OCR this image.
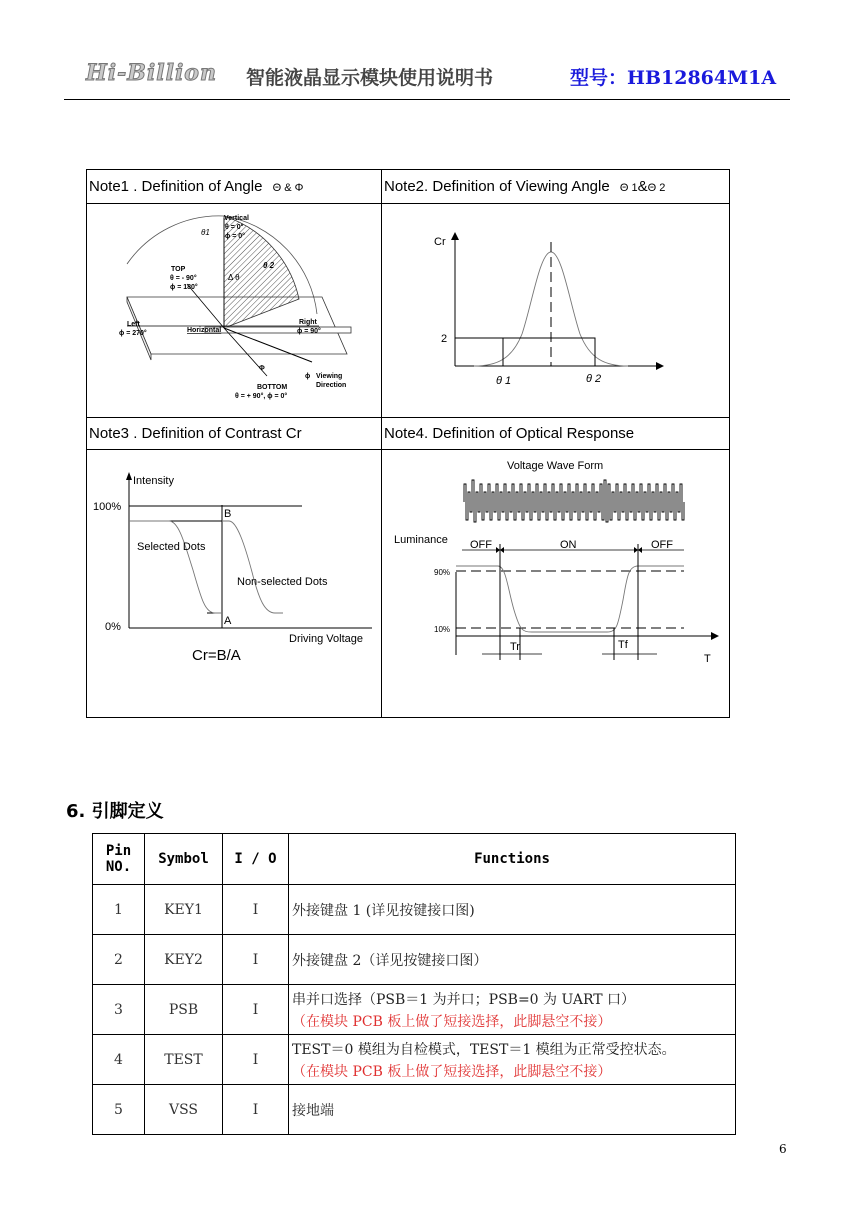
Hi-Billion 智能液晶显示模块使用说明书	型号：HB12864M1A
Note1 . Definition of Angle Θ & Φ	Note2. Definition of Viewing Angle Θ 1&Θ 2
Note3 . Definition of Contrast Cr	Note4. Definition of Optical Response
Vertical
θ = 0°
ϕ = 0°
θ1
θ 2
TOP
θ = - 90°
ϕ = 180°
Δ θ
Left
ϕ = 270°	Horizontal
Right
ϕ = 90°
Φ
ϕ Viewing
Direction
BOTTOM
θ = + 90°, ϕ = 0°
Cr
2
θ 1	θ 2
Intensity
100%
0%
B
A
Selected Dots
Non-selected Dots
Driving Voltage
Cr=B/A
Voltage Wave Form
Luminance OFF	ON	OFF
90%
10%
Tr	Tf
T
6. 引脚定义
Pin
NO.	Symbol	I / O	Functions
1	KEY1	I	外接键盘 1 (详见按键接口图)

2	KEY2	I	外接键盘 2（详见按键接口图）

3	PSB	I	串并口选择（PSB＝1 为并口；PSB=0 为 UART 口）
（在模块 PCB 板上做了短接选择，此脚悬空不接）

4	TEST	I	TEST＝0 模组为自检模式，TEST＝1 模组为正常受控状态。
（在模块 PCB 板上做了短接选择，此脚悬空不接）

5	VSS	I	接地端
6
